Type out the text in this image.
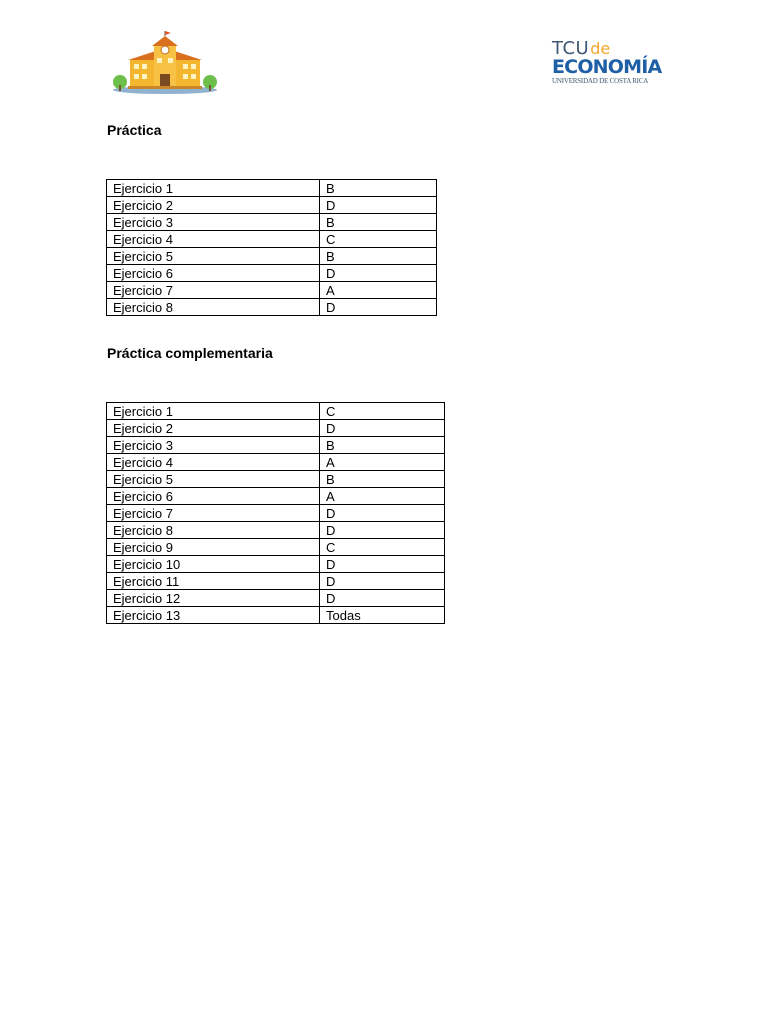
TCUde
ECONOMÍA
UNIVERSIDAD DE COSTA RICA
Práctica
Ejercicio 1	B
Ejercicio 2	D
Ejercicio 3	B
Ejercicio 4	C
Ejercicio 5	B
Ejercicio 6	D
Ejercicio 7	A
Ejercicio 8	D
Práctica complementaria
Ejercicio 1	C
Ejercicio 2	D
Ejercicio 3	B
Ejercicio 4	A
Ejercicio 5	B
Ejercicio 6	A
Ejercicio 7	D
Ejercicio 8	D
Ejercicio 9	C
Ejercicio 10	D
Ejercicio 11	D
Ejercicio 12	D
Ejercicio 13	Todas
